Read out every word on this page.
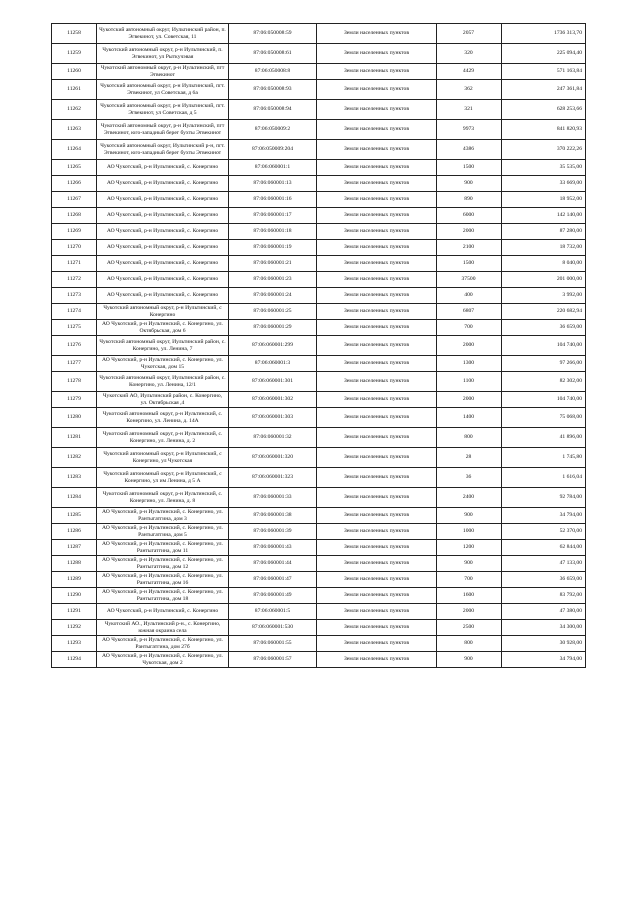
11258	Чукотский автономный округ, Иультинский район, п. Эгвекинот, ул. Советская, 11	87:06:050008:59	Земли населенных пунктов	2057	1736 313,70
11259	Чукотский автономный округ, р-н Иультинский, п. Эгвекинот, ул Рыткучэвая	87:06:050008:61	Земли населенных пунктов	320	225 094,40
11260	Чукотский автономный округ, р-н Иультинский, пгт Эгвекинот	87:06:050008:8	Земли населенных пунктов	4429	571 163,84
11261	Чукотский автономный округ, р-н Иультинский, пгт. Эгвекинот, ул Советская, д 6а	87:06:050008:93	Земли населенных пунктов	362	247 361,84
11262	Чукотский автономный округ, р-н Иультинский, пгт. Эгвекинот, ул Советская, д 5	87:06:050008:94	Земли населенных пунктов	321	628 253,66
11263	Чукотский автономный округ, р-н Иультинский, пгт Эгвекинот, юго-западный берег бухты Эгвекинот	87:06:050009:2	Земли населенных пунктов	9973	841 820,93
11264	Чукотский автономный округ, Иультинский р-н, пгт. Эгвекинот, юго-западный берег бухты Эгвекинот	87:06:050009:204	Земли населенных пунктов	4386	370 222,26
11265	АО Чукотский, р-н Иультинский, с. Конергино	87:06:060001:1	Земли населенных пунктов	1500	35 535,00
11266	АО Чукотский, р-н Иультинский, с. Конергино	87:06:060001:13	Земли населенных пунктов	900	33 669,00
11267	АО Чукотский, р-н Иультинский, с. Конергино	87:06:060001:16	Земли населенных пунктов	890	18 952,00
11268	АО Чукотский, р-н Иультинский, с. Конергино	87:06:060001:17	Земли населенных пунктов	6000	142 140,00
11269	АО Чукотский, р-н Иультинский, с. Конергино	87:06:060001:18	Земли населенных пунктов	2000	87 280,00
11270	АО Чукотский, р-н Иультинский, с. Конергино	87:06:060001:19	Земли населенных пунктов	2100	18 732,00
11271	АО Чукотский, р-н Иультинский, с. Конергино	87:06:060001:21	Земли населенных пунктов	1500	8 040,00
11272	АО Чукотский, р-н Иультинский, с. Конергино	87:06:060001:23	Земли населенных пунктов	37500	201 000,00
11273	АО Чукотский, р-н Иультинский, с. Конергино	87:06:060001:24	Земли населенных пунктов	400	3 992,00
11274	Чукотский автономный округ, р-н Иультинский, с Конергино	87:06:060001:25	Земли населенных пунктов	6807	220 682,94
11275	АО Чукотский, р-н Иультинский, с. Конергино, ул. Октябрьская, дом 6	87:06:060001:29	Земли населенных пунктов	700	36 659,00
11276	Чукотский автономный округ, Иультинский район, с. Конергино, ул. Ленина, 7	87:06:060001:299	Земли населенных пунктов	2000	104 740,00
11277	АО Чукотский, р-н Иультинский, с. Конергино, ул. Чукотская, дом 15	87:06:060001:3	Земли населенных пунктов	1300	97 266,00
11278	Чукотский автономный округ, Иультинский район, с. Конергино, ул. Ленина, 12/1	87:06:060001:301	Земли населенных пунктов	1100	82 302,00
11279	Чукотский АО, Иультинский район, с. Конергино, ул. Октябрьская ,4	87:06:060001:302	Земли населенных пунктов	2000	104 740,00
11280	Чукотский автономный округ, р-н Иультинский, с. Конергино, ул. Ленина, д. 14А	87:06:060001:303	Земли населенных пунктов	1400	75 068,00
11281	Чукотский автономный округ, р-н Иультинский, с. Конергино, ул. Ленина, д. 2	87:06:060001:32	Земли населенных пунктов	800	41 896,00
11282	Чукотский автономный округ, р-н Иультинский, с Конергино, ул Чукотская	87:06:060001:320	Земли населенных пунктов	28	1 745,80
11283	Чукотский автономный округ, р-н Иультинский, с Конергино, ул им Ленина, д 5 А	87:06:060001:323	Земли населенных пунктов	36	1 616,04
11284	Чукотский автономный округ, р-н Иультинский, с. Конергино, ул. Ленина, д. 8	87:06:060001:33	Земли населенных пунктов	2400	92 784,00
11285	АО Чукотский, р-н Иультинский, с. Конергино, ул. Рантыгатгина, дом 3	87:06:060001:38	Земли населенных пунктов	900	34 794,00
11286	АО Чукотский, р-н Иультинский, с. Конергино, ул. Рантыгатгина, дом 5	87:06:060001:39	Земли населенных пунктов	1000	52 370,00
11287	АО Чукотский, р-н Иультинский, с. Конергино, ул. Рантыгатгина, дом 11	87:06:060001:43	Земли населенных пунктов	1200	62 844,00
11288	АО Чукотский, р-н Иультинский, с. Конергино, ул. Рантыгатгина, дом 12	87:06:060001:44	Земли населенных пунктов	900	47 133,00
11289	АО Чукотский, р-н Иультинский, с. Конергино, ул. Рантыгатгина, дом 16	87:06:060001:47	Земли населенных пунктов	700	36 659,00
11290	АО Чукотский, р-н Иультинский, с. Конергино, ул. Рантыгатгина, дом 18	87:06:060001:49	Земли населенных пунктов	1600	83 792,00
11291	АО Чукотский, р-н Иультинский, с. Конергино	87:06:060001:5	Земли населенных пунктов	2000	47 380,00
11292	Чукотский АО., Иультинский р-н., с. Конергино, южная окраина села	87:06:060001:530	Земли населенных пунктов	2500	34 300,00
11293	АО Чукотский, р-н Иультинский, с. Конергино, ул. Рантыгатгина, дом 27б	87:06:060001:55	Земли населенных пунктов	800	30 928,00
11294	АО Чукотский, р-н Иультинский, с. Конергино, ул. Чукотская, дом 2	87:06:060001:57	Земли населенных пунктов	900	34 794,00
